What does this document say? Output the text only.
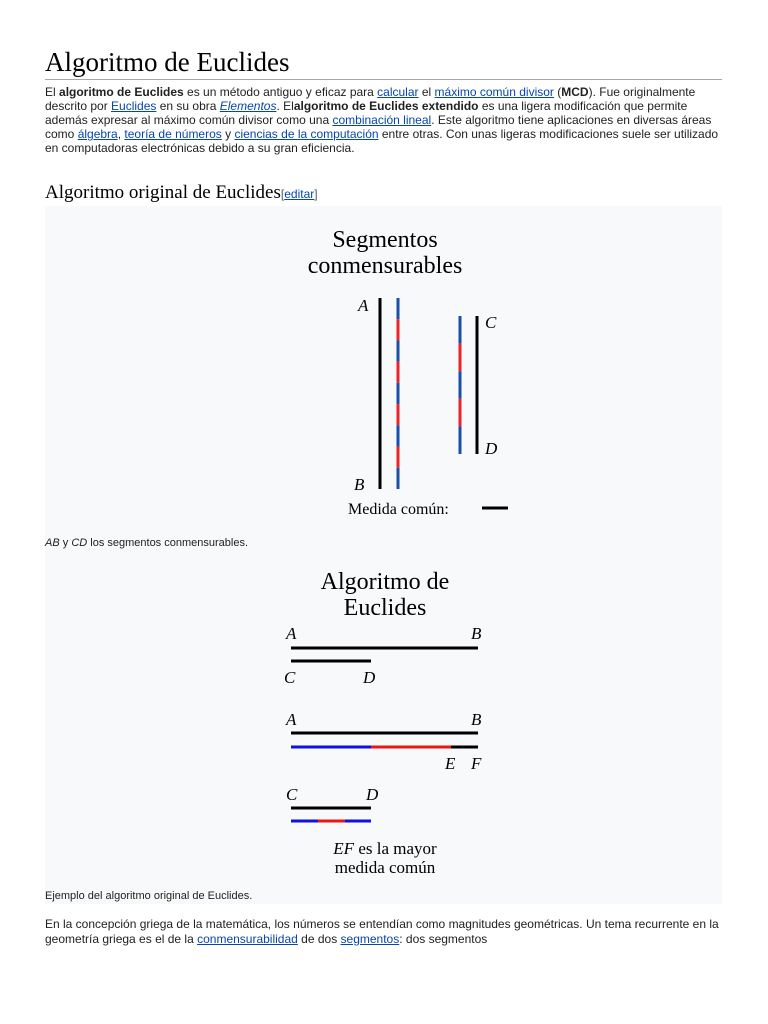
Algoritmo de Euclides

El algoritmo de Euclides es un método antiguo y eficaz para calcular el máximo común divisor (MCD). Fue originalmente descrito por Euclides en su obra Elementos. Elalgoritmo de Euclides extendido es una ligera modificación que permite además expresar al máximo común divisor como una combinación lineal. Este algoritmo tiene aplicaciones en diversas áreas como álgebra, teoría de números y ciencias de la computación entre otras. Con unas ligeras modificaciones suele ser utilizado en computadoras electrónicas debido a su gran eficiencia.

Algoritmo original de Euclides[editar]
Segmentos
conmensurables
A
B
C
D
Medida común:
AB y CD los segmentos conmensurables.
Algoritmo de
Euclides
A	B
C	D
A	B
E F
C	D
EF es la mayor
medida común
Ejemplo del algoritmo original de Euclides.

En la concepción griega de la matemática, los números se entendían como magnitudes geométricas. Un tema recurrente en la geometría griega es el de la conmensurabilidad de dos segmentos: dos segmentos
